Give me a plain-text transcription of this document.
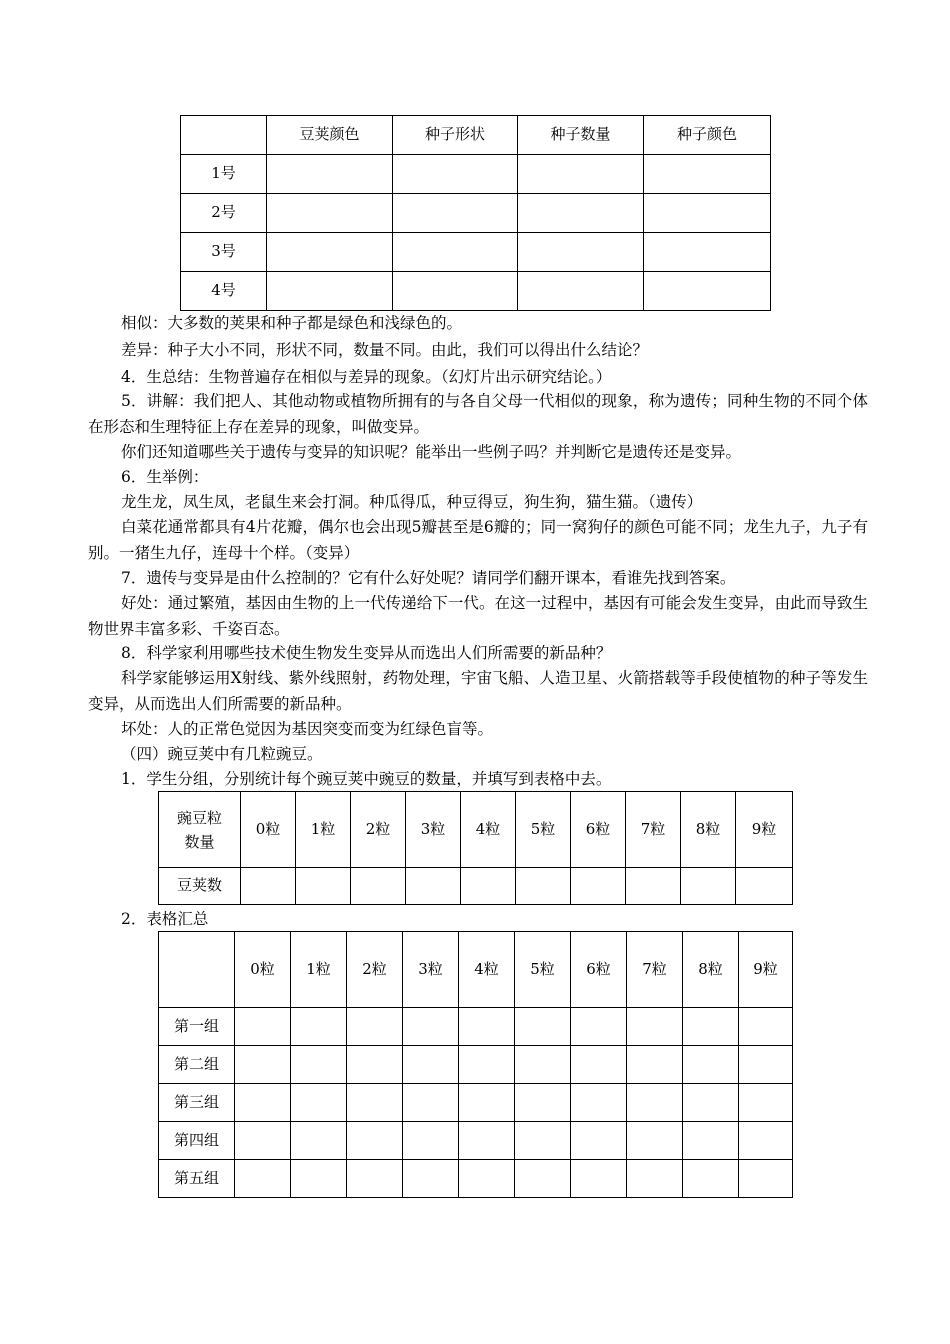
	豆荚颜色	种子形状	种子数量	种子颜色
1号				
2号				
3号				
4号				
相似：大多数的荚果和种子都是绿色和浅绿色的。
差异：种子大小不同，形状不同，数量不同。由此，我们可以得出什么结论？
4．生总结：生物普遍存在相似与差异的现象。（幻灯片出示研究结论。）
5．讲解：我们把人、其他动物或植物所拥有的与各自父母一代相似的现象，称为遗传；同种生物的不同个体在形态和生理特征上存在差异的现象，叫做变异。
你们还知道哪些关于遗传与变异的知识呢？能举出一些例子吗？并判断它是遗传还是变异。
6．生举例：
龙生龙，凤生凤，老鼠生来会打洞。种瓜得瓜，种豆得豆，狗生狗，猫生猫。（遗传）
白菜花通常都具有4片花瓣，偶尔也会出现5瓣甚至是6瓣的；同一窝狗仔的颜色可能不同；龙生九子，九子有别。一猪生九仔，连母十个样。（变异）
7．遗传与变异是由什么控制的？它有什么好处呢？请同学们翻开课本，看谁先找到答案。
好处：通过繁殖，基因由生物的上一代传递给下一代。在这一过程中，基因有可能会发生变异，由此而导致生物世界丰富多彩、千姿百态。
8．科学家利用哪些技术使生物发生变异从而选出人们所需要的新品种？
科学家能够运用X射线、紫外线照射，药物处理，宇宙飞船、人造卫星、火箭搭载等手段使植物的种子等发生变异，从而选出人们所需要的新品种。
坏处：人的正常色觉因为基因突变而变为红绿色盲等。
（四）豌豆荚中有几粒豌豆。
1．学生分组，分别统计每个豌豆荚中豌豆的数量，并填写到表格中去。
豌豆粒数量	0粒	1粒	2粒	3粒	4粒	5粒	6粒	7粒	8粒	9粒
豆荚数										
2．表格汇总
	0粒	1粒	2粒	3粒	4粒	5粒	6粒	7粒	8粒	9粒
第一组										
第二组										
第三组										
第四组										
第五组										
